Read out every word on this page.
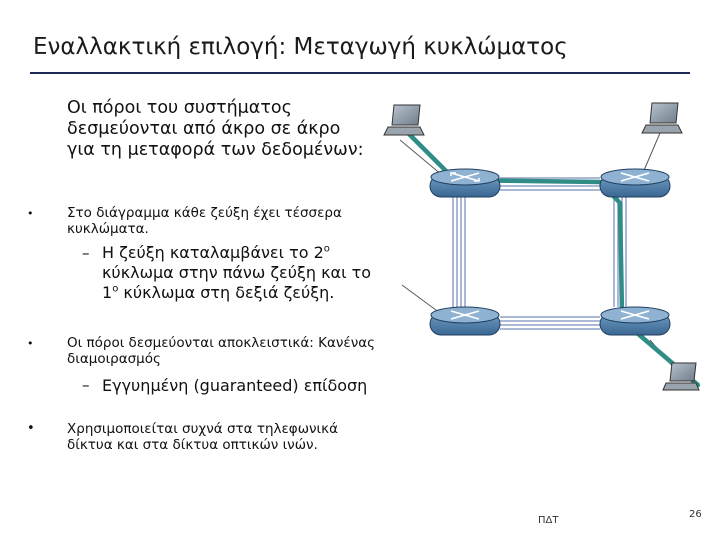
Εναλλακτική επιλογή: Μεταγωγή κυκλώματος
Οι πόροι του συστήματος δεσμεύονται από άκρο σε άκρο για τη μεταφορά των δεδομένων:
• Στο διάγραμμα κάθε ζεύξη έχει τέσσερα κυκλώματα.
– Η ζεύξη καταλαμβάνει το $2^o$ κύκλωμα στην πάνω ζεύξη και το $1^o$ κύκλωμα στη δεξιά ζεύξη.
• Οι πόροι δεσμεύονται αποκλειστικά: Κανένας διαμοιρασμός
– Εγγυημένη (guaranteed) επίδοση
• Χρησιμοποιείται συχνά στα τηλεφωνικά δίκτυα και στα δίκτυα οπτικών ινών.
ΠΔΤ
26
